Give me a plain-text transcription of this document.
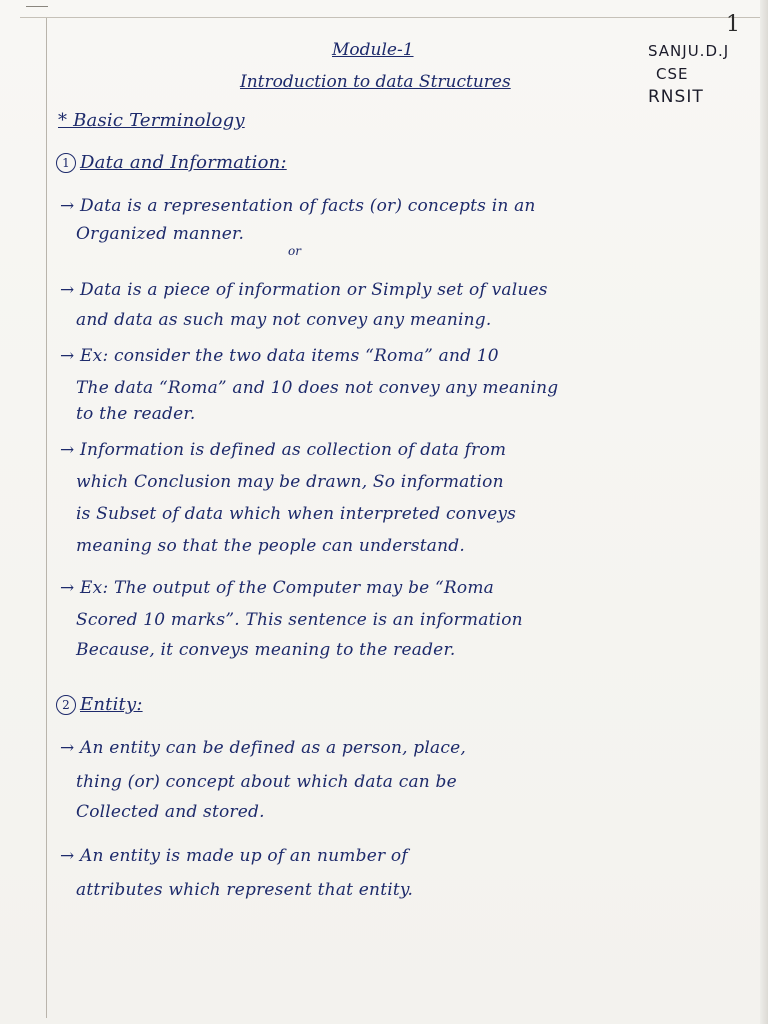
1
SANJU.D.J
CSE
RNSIT
Module-1
Introduction to data Structures
* Basic Terminology
1 Data and Information:
→ Data is a representation of facts (or) concepts in an
Organized manner.
or
→ Data is a piece of information or Simply set of values
and data as such may not convey any meaning.
→ Ex: consider the two data items “Roma” and 10
The data “Roma” and 10 does not convey any meaning
to the reader.
→ Information is defined as collection of data from
which Conclusion may be drawn, So information
is Subset of data which when interpreted conveys
meaning so that the people can understand.
→ Ex: The output of the Computer may be “Roma
Scored 10 marks”. This sentence is an information
Because, it conveys meaning to the reader.
2 Entity:
→ An entity can be defined as a person, place,
thing (or) concept about which data can be
Collected and stored.
→ An entity is made up of an number of
attributes which represent that entity.
